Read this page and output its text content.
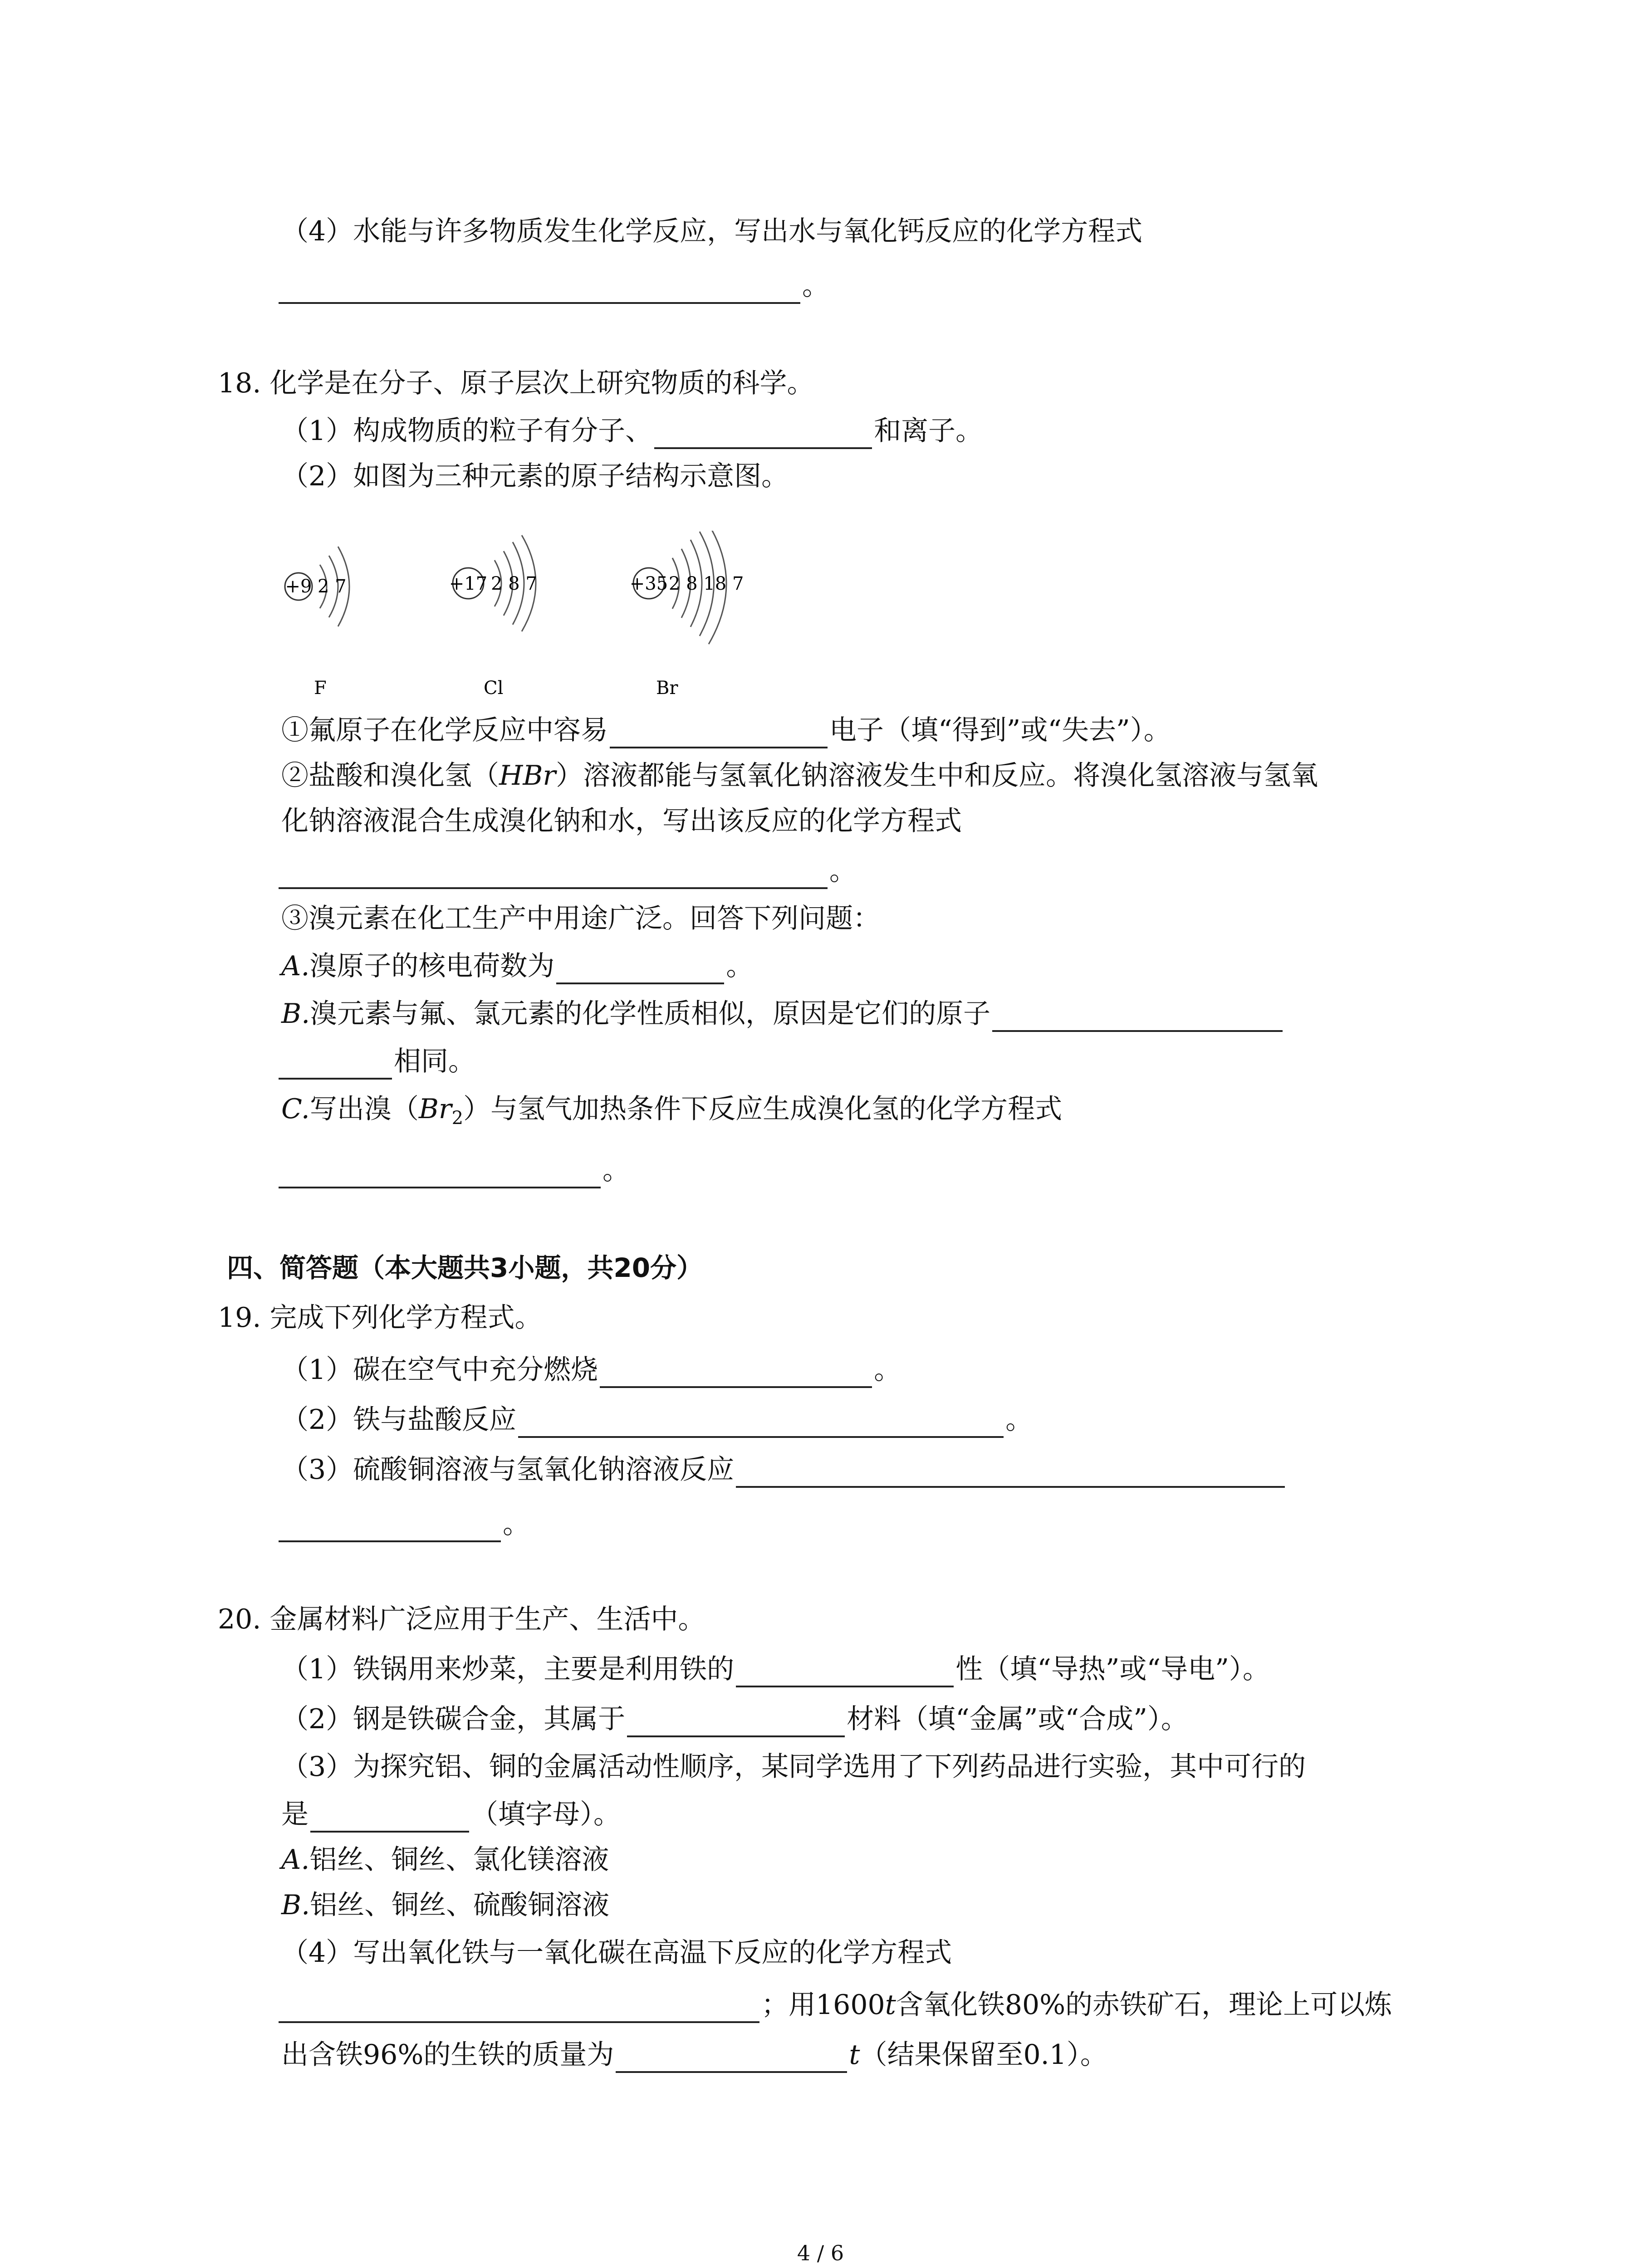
（4）水能与许多物质发生化学反应，写出水与氧化钙反应的化学方程式
。
18. 化学是在分子、原子层次上研究物质的科学。
（1）构成物质的粒子有分子、	和离子。
（2）如图为三种元素的原子结构示意图。
+9 2 7
F
+17 2 8 7
Cl
+35 2 8 18 7
Br
①氟原子在化学反应中容易	电子（填“得到”或“失去”）。
②盐酸和溴化氢（HBr）溶液都能与氢氧化钠溶液发生中和反应。将溴化氢溶液与氢氧
化钠溶液混合生成溴化钠和水，写出该反应的化学方程式
。
③溴元素在化工生产中用途广泛。回答下列问题：
A.溴原子的核电荷数为	。
B.溴元素与氟、氯元素的化学性质相似，原因是它们的原子
相同。
C.写出溴$(Br_2)$与氢气加热条件下反应生成溴化氢的化学方程式
。
四、简答题（本大题共3小题，共20分）
19. 完成下列化学方程式。
（1）碳在空气中充分燃烧	。
（2）铁与盐酸反应	。
（3）硫酸铜溶液与氢氧化钠溶液反应
。
20. 金属材料广泛应用于生产、生活中。
（1）铁锅用来炒菜，主要是利用铁的	性（填“导热”或“导电”）。
（2）钢是铁碳合金，其属于	材料（填“金属”或“合成”）。
（3）为探究铝、铜的金属活动性顺序，某同学选用了下列药品进行实验，其中可行的
是	（填字母）。
A.铝丝、铜丝、氯化镁溶液
B.铝丝、铜丝、硫酸铜溶液
（4）写出氧化铁与一氧化碳在高温下反应的化学方程式
；用1600t含氧化铁80%的赤铁矿石，理论上可以炼
出含铁96%的生铁的质量为	t（结果保留至0.1）。
4 / 6
